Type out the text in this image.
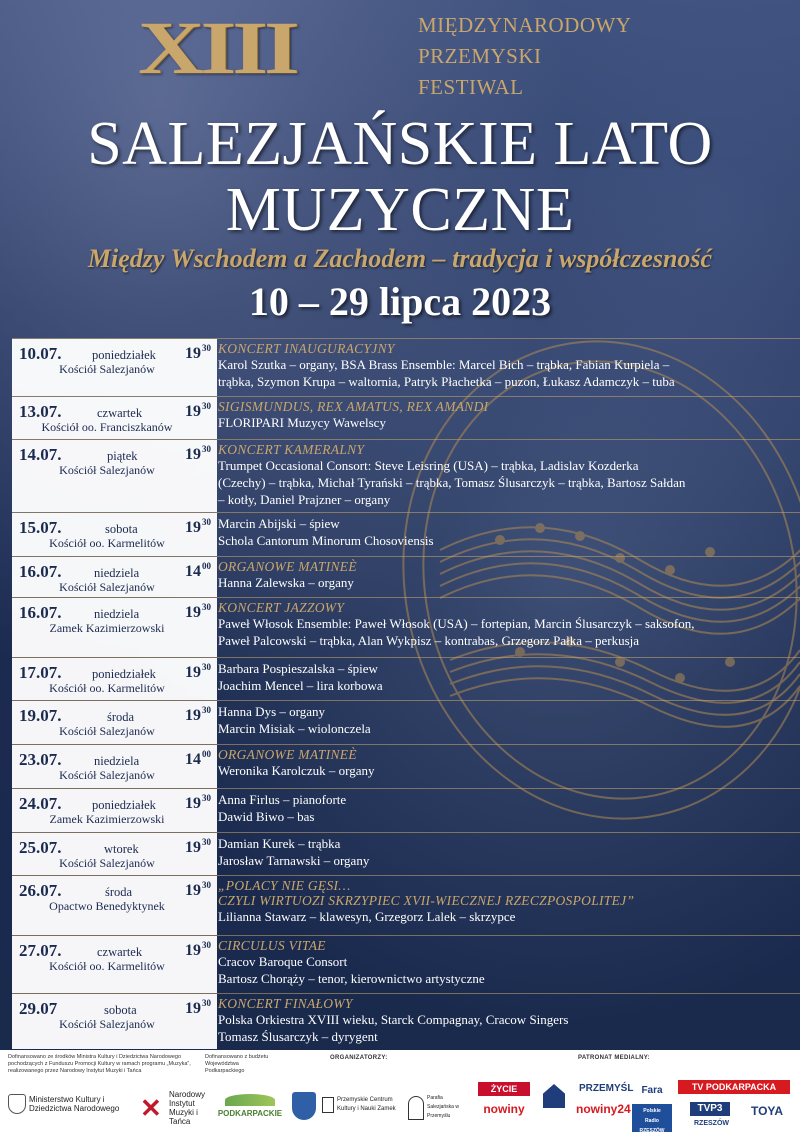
XIII	MIĘDZYNARODOWY
PRZEMYSKI
FESTIWAL
SALEZJAŃSKIE LATO
MUZYCZNE
Między Wschodem a Zachodem – tradycja i współczesność
10 – 29 lipca 2023
10.07. poniedziałek $19^{30}$
Kościół Salezjanów
KONCERT INAUGURACYJNY
Karol Szutka – organy, BSA Brass Ensemble: Marcel Bich – trąbka, Fabian Kurpiela –
trąbka, Szymon Krupa – waltornia, Patryk Płachetka – puzon, Łukasz Adamczyk – tuba
13.07.	czwartek	$19^{30}$
Kościół oo. Franciszkanów
SIGISMUNDUS, REX AMATUS, REX AMANDI
FLORIPARI Muzycy Wawelscy
14.07.	piątek	$19^{30}$
Kościół Salezjanów
KONCERT KAMERALNY
Trumpet Occasional Consort: Steve Leisring (USA) – trąbka, Ladislav Kozderka
(Czechy) – trąbka, Michał Tyrański – trąbka, Tomasz Ślusarczyk – trąbka, Bartosz Sałdan
– kotły, Daniel Prajzner – organy
15.07.	sobota	$19^{30}$
Kościół oo. Karmelitów
Marcin Abijski – śpiew
Schola Cantorum Minorum Chosoviensis
16.07.	niedziela	$14^{00}$
Kościół Salezjanów
ORGANOWE MATINEÈ
Hanna Zalewska – organy
16.07.	niedziela	$19^{30}$
Zamek Kazimierzowski
KONCERT JAZZOWY
Paweł Włosok Ensemble: Paweł Włosok (USA) – fortepian, Marcin Ślusarczyk – saksofon,
Paweł Palcowski – trąbka, Alan Wykpisz – kontrabas, Grzegorz Pałka – perkusja
17.07. poniedziałek $19^{30}$
Kościół oo. Karmelitów
Barbara Pospieszalska – śpiew
Joachim Mencel – lira korbowa
19.07.	środa	$19^{30}$
Kościół Salezjanów
Hanna Dys – organy
Marcin Misiak – wiolonczela
23.07.	niedziela	$14^{00}$
Kościół Salezjanów
ORGANOWE MATINEÈ
Weronika Karolczuk – organy
24.07. poniedziałek $19^{30}$
Zamek Kazimierzowski
Anna Firlus – pianoforte
Dawid Biwo – bas
25.07.	wtorek	$19^{30}$
Kościół Salezjanów
Damian Kurek – trąbka
Jarosław Tarnawski – organy
26.07.	środa	$19^{30}$
Opactwo Benedyktynek
„POLACY NIE GĘSI…
CZYLI WIRTUOZI SKRZYPIEC XVII-WIECZNEJ RZECZPOSPOLITEJ”
Lilianna Stawarz – klawesyn, Grzegorz Lalek – skrzypce
27.07.	czwartek	$19^{30}$
Kościół oo. Karmelitów
CIRCULUS VITAE
Cracov Baroque Consort
Bartosz Chorąży – tenor, kierownictwo artystyczne
29.07	sobota	$19^{30}$
Kościół Salezjanów
KONCERT FINAŁOWY
Polska Orkiestra XVIII wieku, Starck Compagnay, Cracow Singers
Tomasz Ślusarczyk – dyrygent
Dofinansowano ze środków Ministra Kultury i Dziedzictwa Narodowego pochodzących z Funduszu Promocji Kultury w ramach programu „Muzyka”, realizowanego przez Narodowy Instytut Muzyki i Tańca
Dofinansowano z budżetu Województwa Podkarpackiego
ORGANIZATORZY:	PATRONAT MEDIALNY:
Ministerstwo Kultury i Dziedzictwa Narodowego ✕ Narodowy Instytut Muzyki i Tańca
PODKARPACKIE
Przemyskie Centrum Kultury i Nauki Zamek
Parafia Salezjańska w Przemyślu
ŻYCIE
nowiny
PRZEMYŚL
nowiny24
Fara
Polskie Radio RZESZÓW
TV PODKARPACKA
TVP3
RZESZÓW
TOYA
